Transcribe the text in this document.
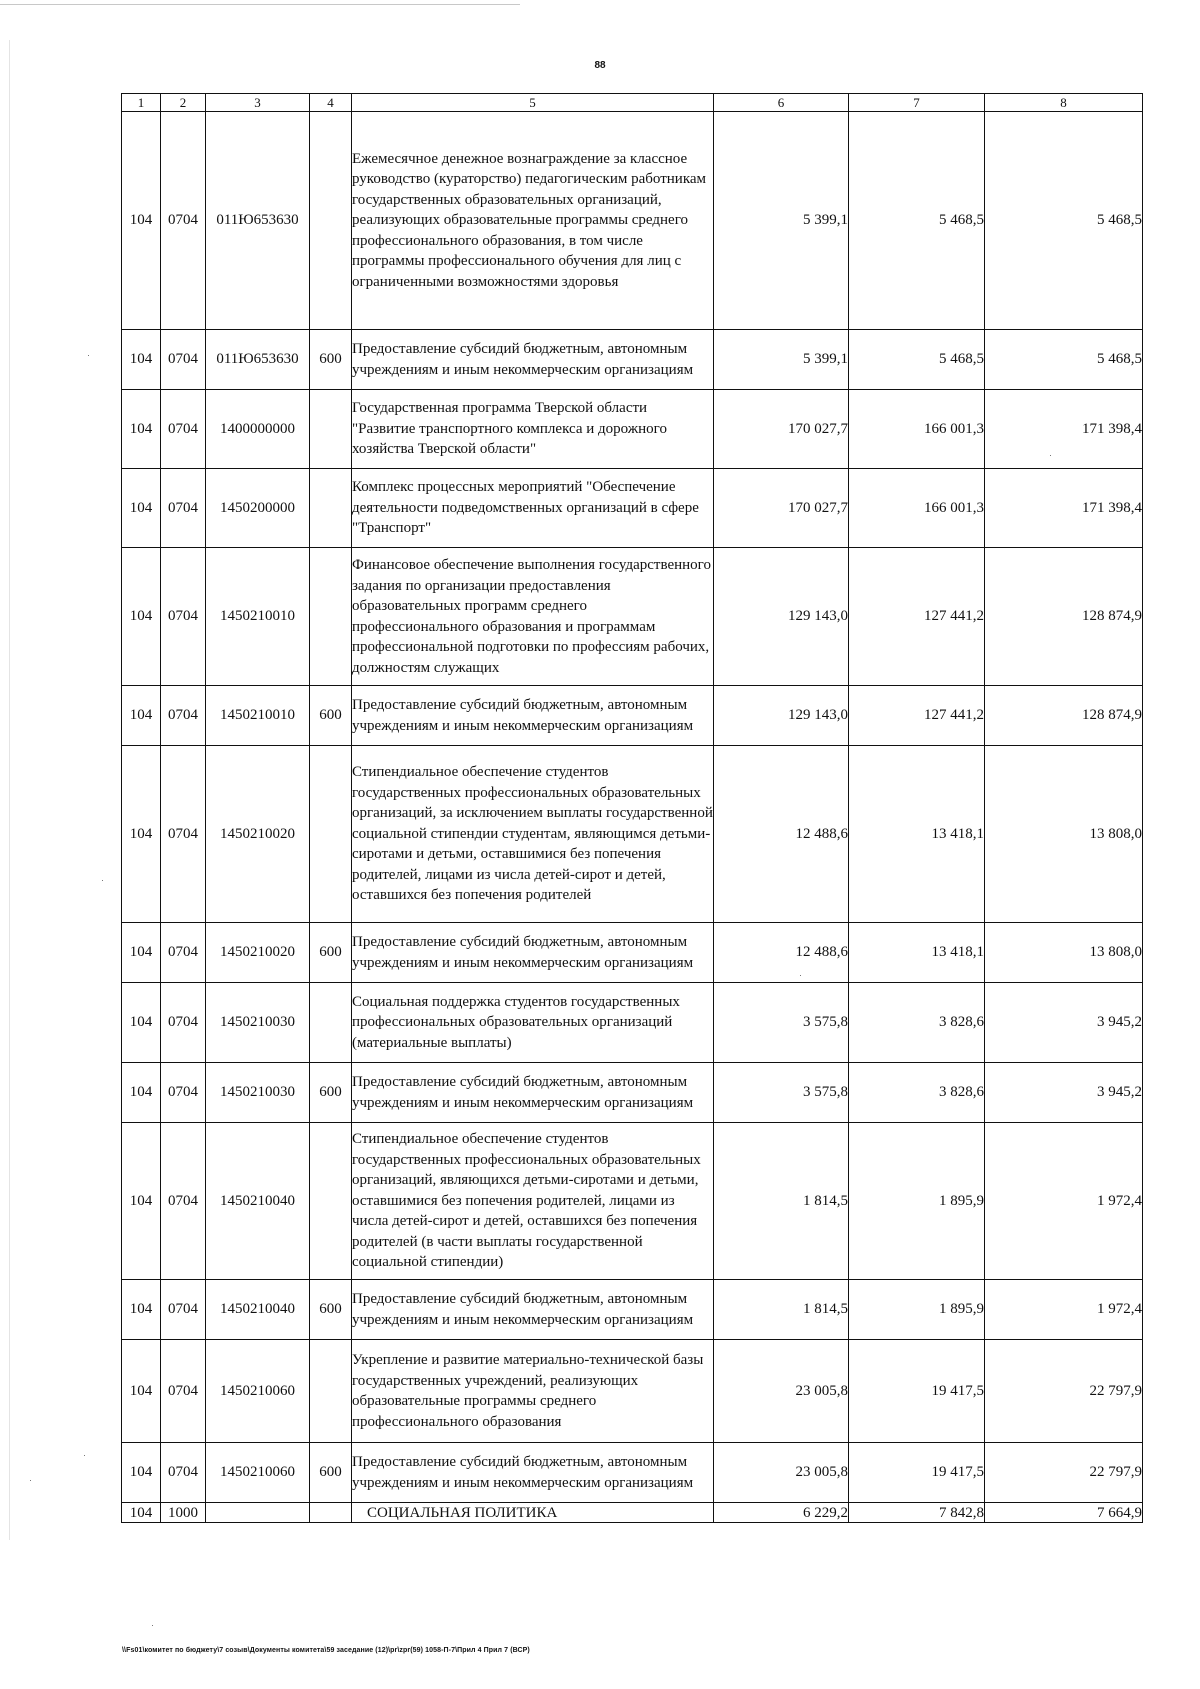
88
1	2	3	4	5	6	7	8
104	0704	011Ю653630		Ежемесячное денежное вознаграждение за классное руководство (кураторство) педагогическим работникам государственных образовательных организаций, реализующих образовательные программы среднего профессионального образования, в том числе программы профессионального обучения для лиц с ограниченными возможностями здоровья	5 399,1	5 468,5	5 468,5
104	0704	011Ю653630	600	Предоставление субсидий бюджетным, автономным учреждениям и иным некоммерческим организациям	5 399,1	5 468,5	5 468,5
104	0704	1400000000		Государственная программа Тверской области "Развитие транспортного комплекса и дорожного хозяйства Тверской области"	170 027,7	166 001,3	171 398,4
104	0704	1450200000		Комплекс процессных мероприятий "Обеспечение деятельности подведомственных организаций в сфере "Транспорт"	170 027,7	166 001,3	171 398,4
104	0704	1450210010		Финансовое обеспечение выполнения государственного задания по организации предоставления образовательных программ среднего профессионального образования и программам профессиональной подготовки по профессиям рабочих, должностям служащих	129 143,0	127 441,2	128 874,9
104	0704	1450210010	600	Предоставление субсидий бюджетным, автономным учреждениям и иным некоммерческим организациям	129 143,0	127 441,2	128 874,9
104	0704	1450210020		Стипендиальное обеспечение студентов государственных профессиональных образовательных организаций, за исключением выплаты государственной социальной стипендии студентам, являющимся детьми-сиротами и детьми, оставшимися без попечения родителей, лицами из числа детей-сирот и детей, оставшихся без попечения родителей	12 488,6	13 418,1	13 808,0
104	0704	1450210020	600	Предоставление субсидий бюджетным, автономным учреждениям и иным некоммерческим организациям	12 488,6	13 418,1	13 808,0
104	0704	1450210030		Социальная поддержка студентов государственных профессиональных образовательных организаций (материальные выплаты)	3 575,8	3 828,6	3 945,2
104	0704	1450210030	600	Предоставление субсидий бюджетным, автономным учреждениям и иным некоммерческим организациям	3 575,8	3 828,6	3 945,2
104	0704	1450210040		Стипендиальное обеспечение студентов государственных профессиональных образовательных организаций, являющихся детьми-сиротами и детьми, оставшимися без попечения родителей, лицами из числа детей-сирот и детей, оставшихся без попечения родителей (в части выплаты государственной социальной стипендии)	1 814,5	1 895,9	1 972,4
104	0704	1450210040	600	Предоставление субсидий бюджетным, автономным учреждениям и иным некоммерческим организациям	1 814,5	1 895,9	1 972,4
104	0704	1450210060		Укрепление и развитие материально-технической базы государственных учреждений, реализующих образовательные программы среднего профессионального образования	23 005,8	19 417,5	22 797,9
104	0704	1450210060	600	Предоставление субсидий бюджетным, автономным учреждениям и иным некоммерческим организациям	23 005,8	19 417,5	22 797,9
104	1000			СОЦИАЛЬНАЯ ПОЛИТИКА	6 229,2	7 842,8	7 664,9
\\Fs01\комитет по бюджету\7 созыв\Документы комитета\59 заседание (12)\pr\zpr(59) 1058-П-7\Прил 4 Прил 7 (ВСР)
